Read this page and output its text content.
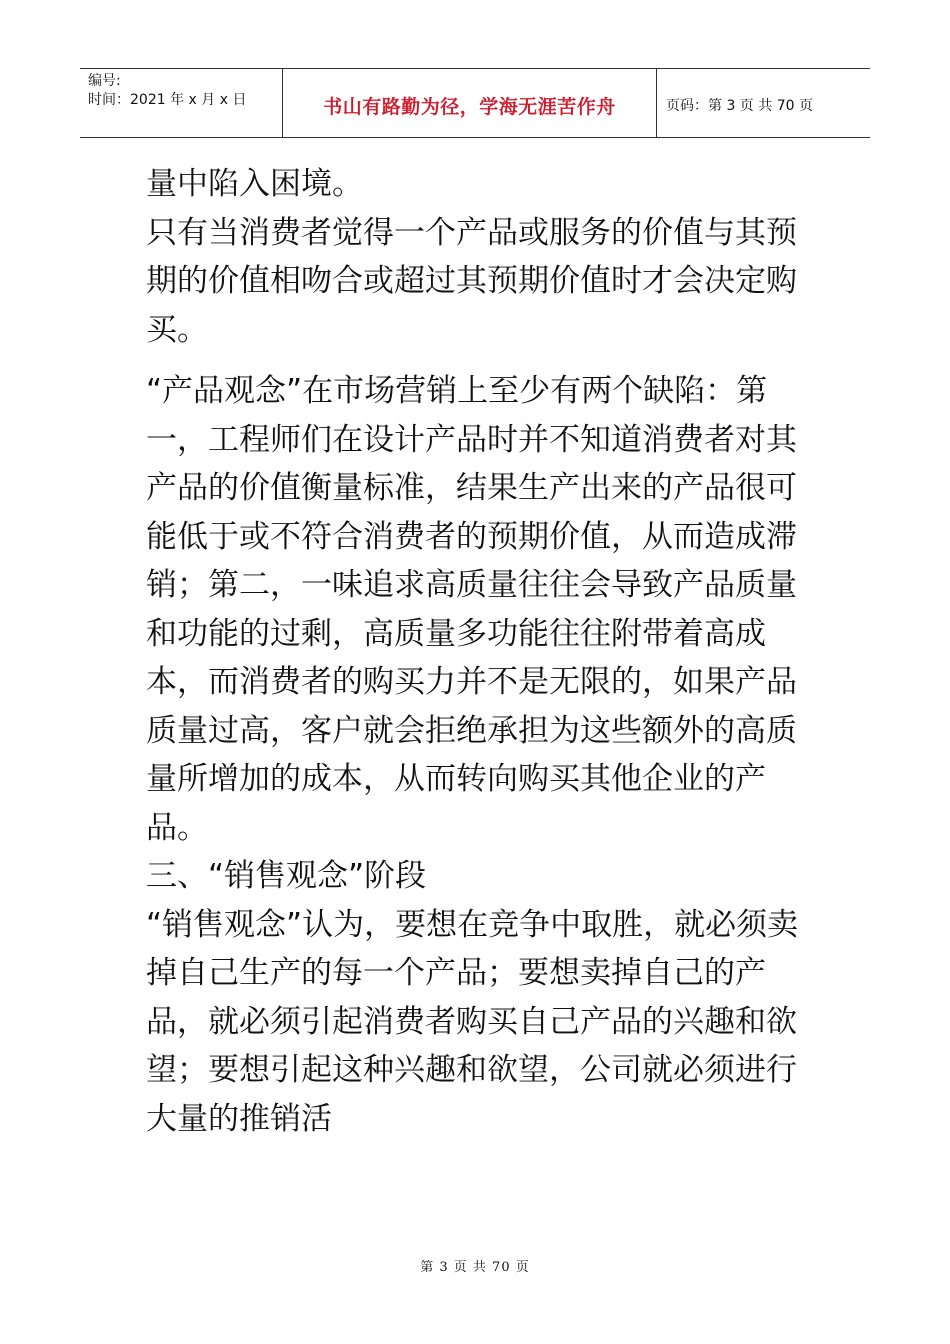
编号:
时间：2021 年 x 月 x 日	书山有路勤为径，学海无涯苦作舟	页码：第 3 页 共 70 页

量中陷入困境。

只有当消费者觉得一个产品或服务的价值与其预期的价值相吻合或超过其预期价值时才会决定购买。

“产品观念”在市场营销上至少有两个缺陷：第一，工程师们在设计产品时并不知道消费者对其产品的价值衡量标准，结果生产出来的产品很可能低于或不符合消费者的预期价值，从而造成滞销；第二，一味追求高质量往往会导致产品质量和功能的过剩，高质量多功能往往附带着高成本，而消费者的购买力并不是无限的，如果产品质量过高，客户就会拒绝承担为这些额外的高质量所增加的成本，从而转向购买其他企业的产品。

三、“销售观念”阶段

“销售观念”认为，要想在竞争中取胜，就必须卖掉自己生产的每一个产品；要想卖掉自己的产品，就必须引起消费者购买自己产品的兴趣和欲望；要想引起这种兴趣和欲望，公司就必须进行大量的推销活

第 3 页 共 70 页
